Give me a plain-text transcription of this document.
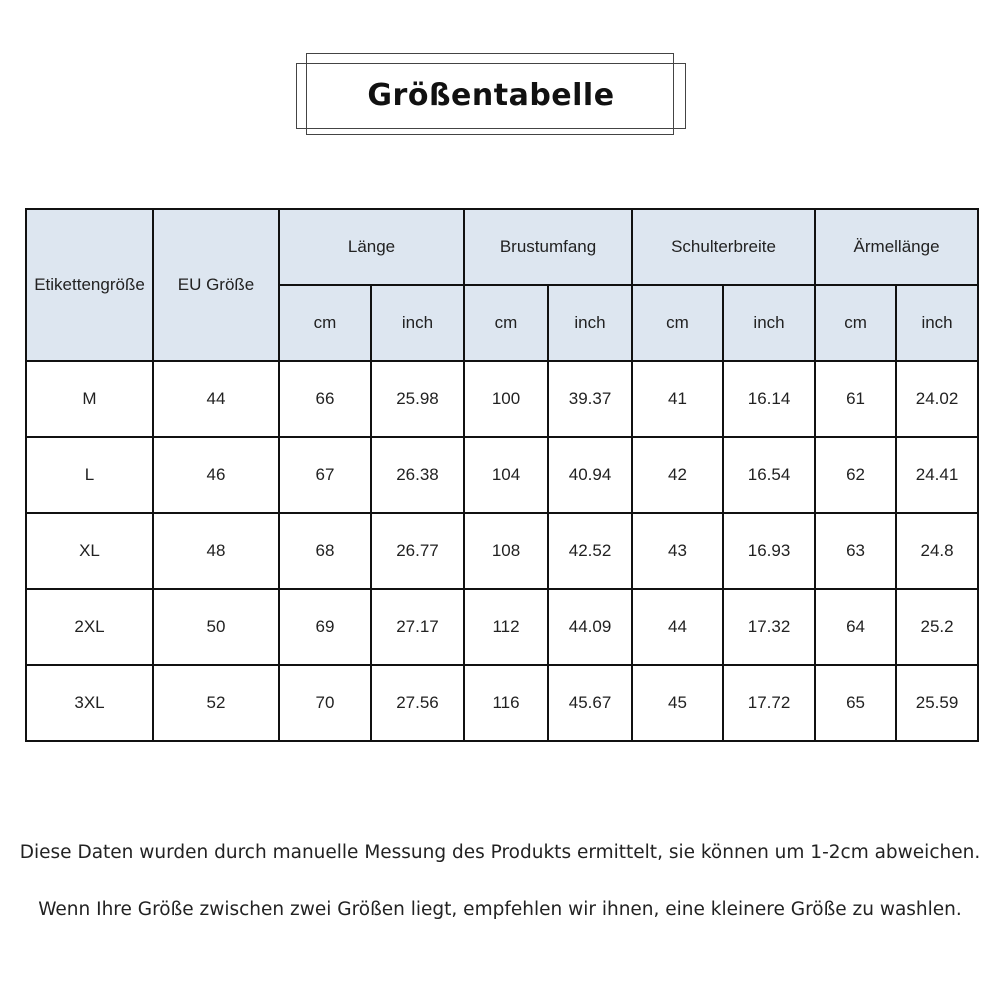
Größentabelle
Etikettengröße	EU Größe	Länge		Brustumfang		Schulterbreite		Ärmellänge	
		cm	inch	cm	inch	cm	inch	cm	inch
M	44	66	25.98	100	39.37	41	16.14	61	24.02
L	46	67	26.38	104	40.94	42	16.54	62	24.41
XL	48	68	26.77	108	42.52	43	16.93	63	24.8
2XL	50	69	27.17	112	44.09	44	17.32	64	25.2
3XL	52	70	27.56	116	45.67	45	17.72	65	25.59
Diese Daten wurden durch manuelle Messung des Produkts ermittelt, sie können um 1-2cm abweichen.
Wenn Ihre Größe zwischen zwei Größen liegt, empfehlen wir ihnen, eine kleinere Größe zu washlen.
